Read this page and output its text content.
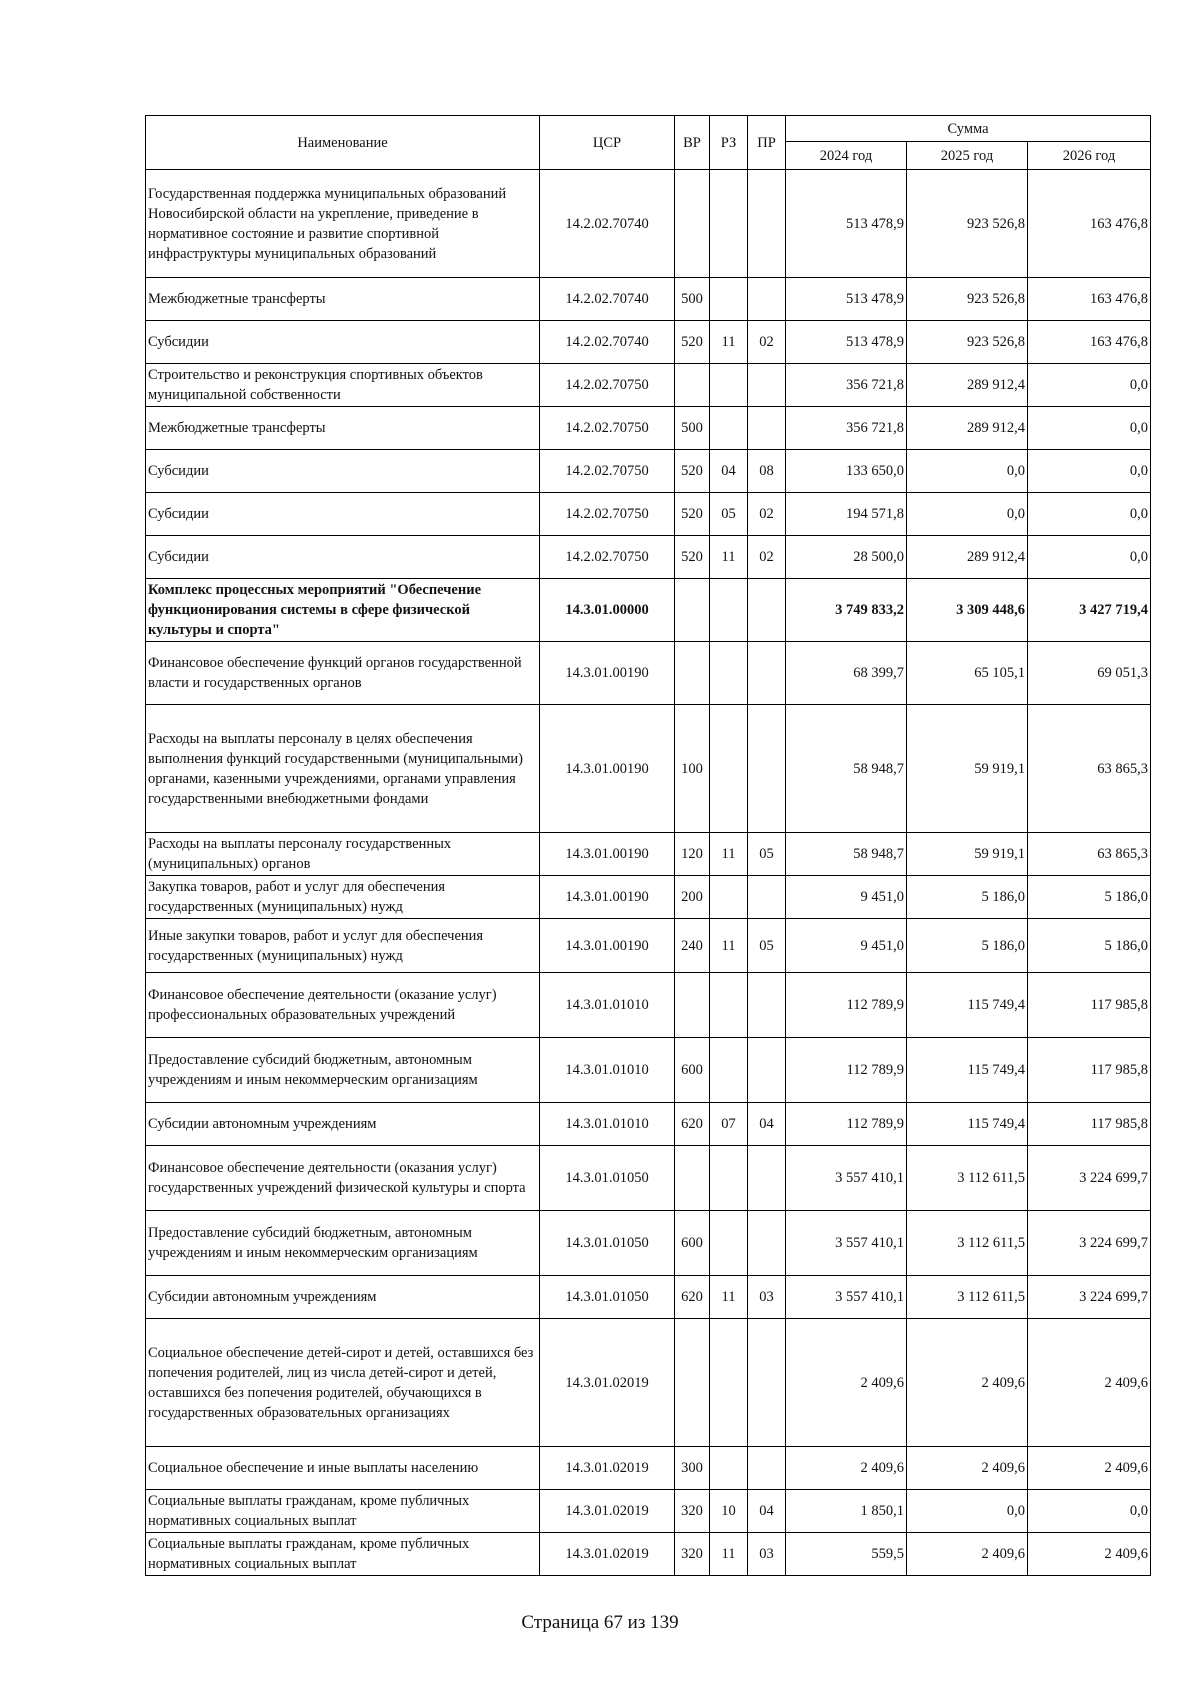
Наименование	ЦСР	ВР	РЗ	ПР	Сумма		
					2024 год	2025 год	2026 год
Государственная поддержка муниципальных образований Новосибирской области на укрепление, приведение в нормативное состояние и развитие спортивной инфраструктуры муниципальных образований	14.2.02.70740				513 478,9	923 526,8	163 476,8
Межбюджетные трансферты	14.2.02.70740	500			513 478,9	923 526,8	163 476,8
Субсидии	14.2.02.70740	520	11	02	513 478,9	923 526,8	163 476,8
Строительство и реконструкция спортивных объектов муниципальной собственности	14.2.02.70750				356 721,8	289 912,4	0,0
Межбюджетные трансферты	14.2.02.70750	500			356 721,8	289 912,4	0,0
Субсидии	14.2.02.70750	520	04	08	133 650,0	0,0	0,0
Субсидии	14.2.02.70750	520	05	02	194 571,8	0,0	0,0
Субсидии	14.2.02.70750	520	11	02	28 500,0	289 912,4	0,0
Комплекс процессных мероприятий "Обеспечение функционирования системы в сфере физической культуры и спорта"	14.3.01.00000				3 749 833,2	3 309 448,6	3 427 719,4
Финансовое обеспечение функций органов государственной власти и государственных органов	14.3.01.00190				68 399,7	65 105,1	69 051,3
Расходы на выплаты персоналу в целях обеспечения выполнения функций государственными (муниципальными) органами, казенными учреждениями, органами управления государственными внебюджетными фондами	14.3.01.00190	100			58 948,7	59 919,1	63 865,3
Расходы на выплаты персоналу государственных (муниципальных) органов	14.3.01.00190	120	11	05	58 948,7	59 919,1	63 865,3
Закупка товаров, работ и услуг для обеспечения государственных (муниципальных) нужд	14.3.01.00190	200			9 451,0	5 186,0	5 186,0
Иные закупки товаров, работ и услуг для обеспечения государственных (муниципальных) нужд	14.3.01.00190	240	11	05	9 451,0	5 186,0	5 186,0
Финансовое обеспечение деятельности (оказание услуг) профессиональных образовательных учреждений	14.3.01.01010				112 789,9	115 749,4	117 985,8
Предоставление субсидий бюджетным, автономным учреждениям и иным некоммерческим организациям	14.3.01.01010	600			112 789,9	115 749,4	117 985,8
Субсидии автономным учреждениям	14.3.01.01010	620	07	04	112 789,9	115 749,4	117 985,8
Финансовое обеспечение деятельности (оказания услуг) государственных учреждений физической культуры и спорта	14.3.01.01050				3 557 410,1	3 112 611,5	3 224 699,7
Предоставление субсидий бюджетным, автономным учреждениям и иным некоммерческим организациям	14.3.01.01050	600			3 557 410,1	3 112 611,5	3 224 699,7
Субсидии автономным учреждениям	14.3.01.01050	620	11	03	3 557 410,1	3 112 611,5	3 224 699,7
Социальное обеспечение детей-сирот и детей, оставшихся без попечения родителей, лиц из числа детей-сирот и детей, оставшихся без попечения родителей, обучающихся в государственных образовательных организациях	14.3.01.02019				2 409,6	2 409,6	2 409,6
Социальное обеспечение и иные выплаты населению	14.3.01.02019	300			2 409,6	2 409,6	2 409,6
Социальные выплаты гражданам, кроме публичных нормативных социальных выплат	14.3.01.02019	320	10	04	1 850,1	0,0	0,0
Социальные выплаты гражданам, кроме публичных нормативных социальных выплат	14.3.01.02019	320	11	03	559,5	2 409,6	2 409,6
Страница 67 из 139
